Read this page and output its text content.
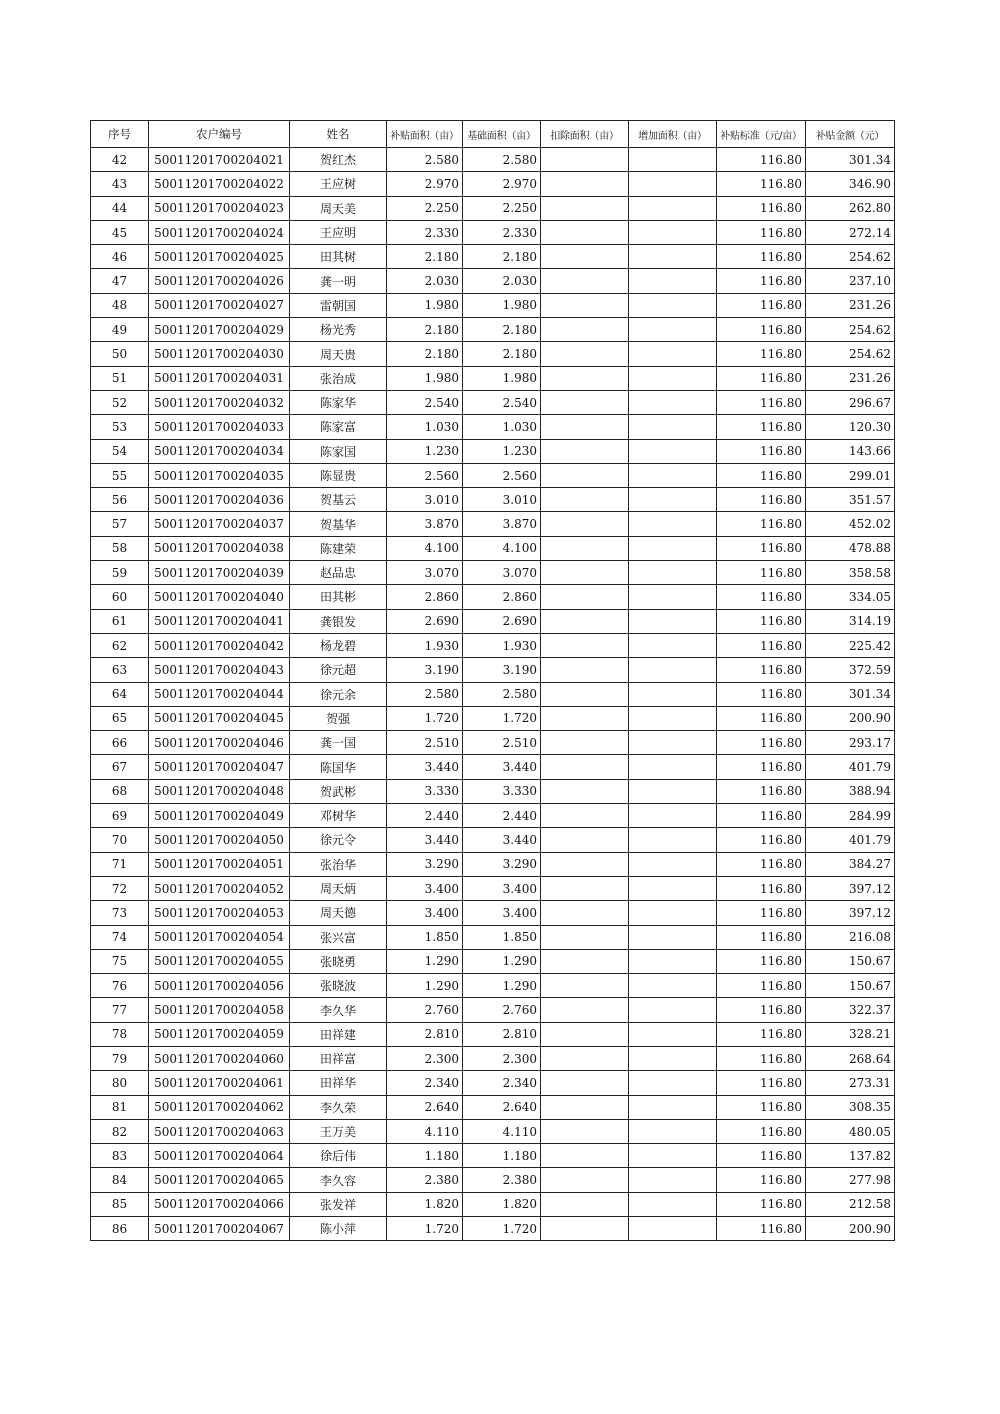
序号	农户编号	姓名	补贴面积（亩）	基础面积（亩）	扣除面积（亩）	增加面积（亩）	补贴标准（元/亩）	补贴金额（元）
42	50011201700204021	贺红杰	2.580	2.580			116.80	301.34
43	50011201700204022	王应树	2.970	2.970			116.80	346.90
44	50011201700204023	周天美	2.250	2.250			116.80	262.80
45	50011201700204024	王应明	2.330	2.330			116.80	272.14
46	50011201700204025	田其树	2.180	2.180			116.80	254.62
47	50011201700204026	龚一明	2.030	2.030			116.80	237.10
48	50011201700204027	雷朝国	1.980	1.980			116.80	231.26
49	50011201700204029	杨光秀	2.180	2.180			116.80	254.62
50	50011201700204030	周天贵	2.180	2.180			116.80	254.62
51	50011201700204031	张治成	1.980	1.980			116.80	231.26
52	50011201700204032	陈家华	2.540	2.540			116.80	296.67
53	50011201700204033	陈家富	1.030	1.030			116.80	120.30
54	50011201700204034	陈家国	1.230	1.230			116.80	143.66
55	50011201700204035	陈显贵	2.560	2.560			116.80	299.01
56	50011201700204036	贺基云	3.010	3.010			116.80	351.57
57	50011201700204037	贺基华	3.870	3.870			116.80	452.02
58	50011201700204038	陈建荣	4.100	4.100			116.80	478.88
59	50011201700204039	赵品忠	3.070	3.070			116.80	358.58
60	50011201700204040	田其彬	2.860	2.860			116.80	334.05
61	50011201700204041	龚银发	2.690	2.690			116.80	314.19
62	50011201700204042	杨龙碧	1.930	1.930			116.80	225.42
63	50011201700204043	徐元超	3.190	3.190			116.80	372.59
64	50011201700204044	徐元余	2.580	2.580			116.80	301.34
65	50011201700204045	贺强	1.720	1.720			116.80	200.90
66	50011201700204046	龚一国	2.510	2.510			116.80	293.17
67	50011201700204047	陈国华	3.440	3.440			116.80	401.79
68	50011201700204048	贺武彬	3.330	3.330			116.80	388.94
69	50011201700204049	邓树华	2.440	2.440			116.80	284.99
70	50011201700204050	徐元令	3.440	3.440			116.80	401.79
71	50011201700204051	张治华	3.290	3.290			116.80	384.27
72	50011201700204052	周天炳	3.400	3.400			116.80	397.12
73	50011201700204053	周天德	3.400	3.400			116.80	397.12
74	50011201700204054	张兴富	1.850	1.850			116.80	216.08
75	50011201700204055	张晓勇	1.290	1.290			116.80	150.67
76	50011201700204056	张晓波	1.290	1.290			116.80	150.67
77	50011201700204058	李久华	2.760	2.760			116.80	322.37
78	50011201700204059	田祥建	2.810	2.810			116.80	328.21
79	50011201700204060	田祥富	2.300	2.300			116.80	268.64
80	50011201700204061	田祥华	2.340	2.340			116.80	273.31
81	50011201700204062	李久荣	2.640	2.640			116.80	308.35
82	50011201700204063	王万美	4.110	4.110			116.80	480.05
83	50011201700204064	徐后伟	1.180	1.180			116.80	137.82
84	50011201700204065	李久容	2.380	2.380			116.80	277.98
85	50011201700204066	张发祥	1.820	1.820			116.80	212.58
86	50011201700204067	陈小萍	1.720	1.720			116.80	200.90
